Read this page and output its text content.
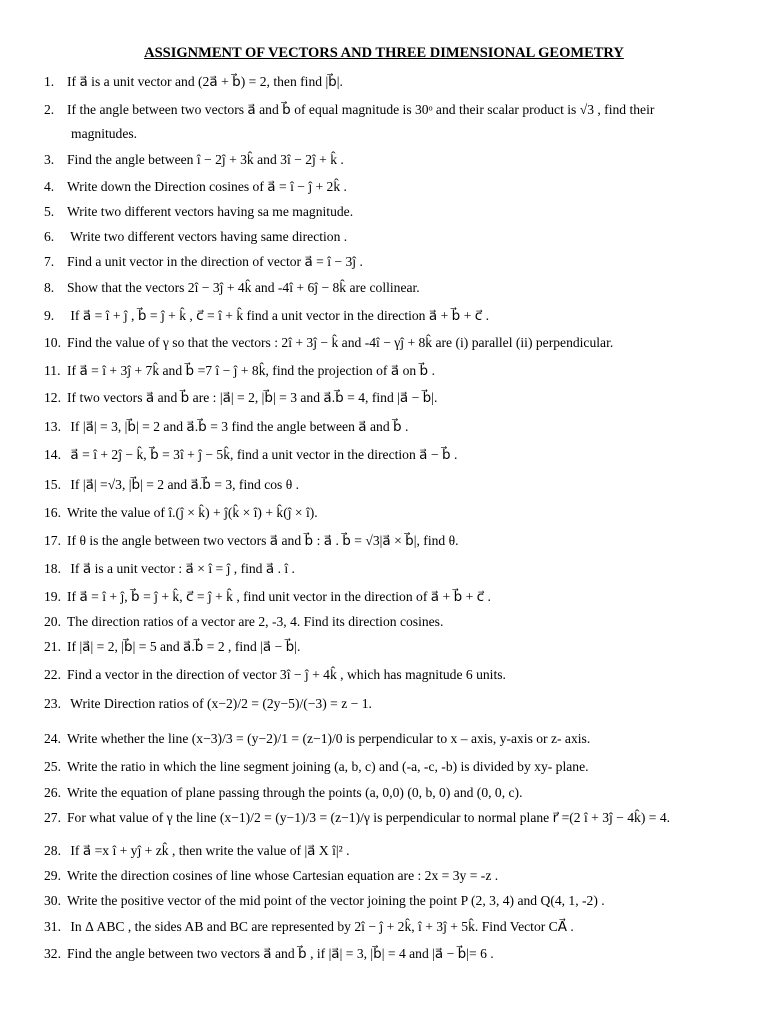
ASSIGNMENT OF VECTORS AND THREE DIMENSIONAL GEOMETRY
1. If a⃗ is a unit vector and (2a⃗ + b⃗) = 2, then find |b⃗|.
2. If the angle between two vectors a⃗ and b⃗ of equal magnitude is 30ᵒ and their scalar product is √3 , find their
magnitudes.
3. Find the angle between î − 2ĵ + 3k̂ and 3î − 2ĵ + k̂ .
4. Write down the Direction cosines of a⃗ = î − ĵ + 2k̂ .
5. Write two different vectors having sa me magnitude.
6. Write two different vectors having same direction .
7. Find a unit vector in the direction of vector a⃗ = î − 3ĵ .
8. Show that the vectors 2î − 3ĵ + 4k̂ and -4î + 6ĵ − 8k̂ are collinear.
9. If a⃗ = î + ĵ , b⃗ = ĵ + k̂ , c⃗ = î + k̂ find a unit vector in the direction a⃗ + b⃗ + c⃗ .
10. Find the value of γ so that the vectors : 2î + 3ĵ − k̂ and -4î − γĵ + 8k̂ are (i) parallel (ii) perpendicular.
11. If a⃗ = î + 3ĵ + 7k̂ and b⃗ =7 î − ĵ + 8k̂, find the projection of a⃗ on b⃗ .
12. If two vectors a⃗ and b⃗ are : |a⃗| = 2, |b⃗| = 3 and a⃗.b⃗ = 4, find |a⃗ − b⃗|.
13. If |a⃗| = 3, |b⃗| = 2 and a⃗.b⃗ = 3 find the angle between a⃗ and b⃗ .
14. a⃗ = î + 2ĵ − k̂, b⃗ = 3î + ĵ − 5k̂, find a unit vector in the direction a⃗ − b⃗ .
15. If |a⃗| =√3, |b⃗| = 2 and a⃗.b⃗ = 3, find cos θ .
16. Write the value of î.(ĵ × k̂) + ĵ(k̂ × î) + k̂(ĵ × î).
17. If θ is the angle between two vectors a⃗ and b⃗ : a⃗ . b⃗ = √3|a⃗ × b⃗|, find θ.
18. If a⃗ is a unit vector : a⃗ × î = ĵ , find a⃗ . î .
19. If a⃗ = î + ĵ, b⃗ = ĵ + k̂, c⃗ = ĵ + k̂ , find unit vector in the direction of a⃗ + b⃗ + c⃗ .
20. The direction ratios of a vector are 2, -3, 4. Find its direction cosines.
21. If |a⃗| = 2, |b⃗| = 5 and a⃗.b⃗ = 2 , find |a⃗ − b⃗|.
22. Find a vector in the direction of vector 3î − ĵ + 4k̂ , which has magnitude 6 units.
23. Write Direction ratios of (x−2)/2 = (2y−5)/(−3) = z − 1.
24. Write whether the line (x−3)/3 = (y−2)/1 = (z−1)/0 is perpendicular to x – axis, y-axis or z- axis.
25. Write the ratio in which the line segment joining (a, b, c) and (-a, -c, -b) is divided by xy- plane.
26. Write the equation of plane passing through the points (a, 0,0) (0, b, 0) and (0, 0, c).
27. For what value of γ the line (x−1)/2 = (y−1)/3 = (z−1)/γ is perpendicular to normal plane r⃗ =(2 î + 3ĵ − 4k̂) = 4.
28. If a⃗ =x î + yĵ + zk̂ , then write the value of |a⃗ X î|² .
29. Write the direction cosines of line whose Cartesian equation are : 2x = 3y = -z .
30. Write the positive vector of the mid point of the vector joining the point P (2, 3, 4) and Q(4, 1, -2) .
31. In Δ ABC , the sides AB and BC are represented by 2î − ĵ + 2k̂, î + 3ĵ + 5k̂. Find Vector CA⃗ .
32. Find the angle between two vectors a⃗ and b⃗ , if |a⃗| = 3, |b⃗| = 4 and |a⃗ − b⃗|= 6 .
